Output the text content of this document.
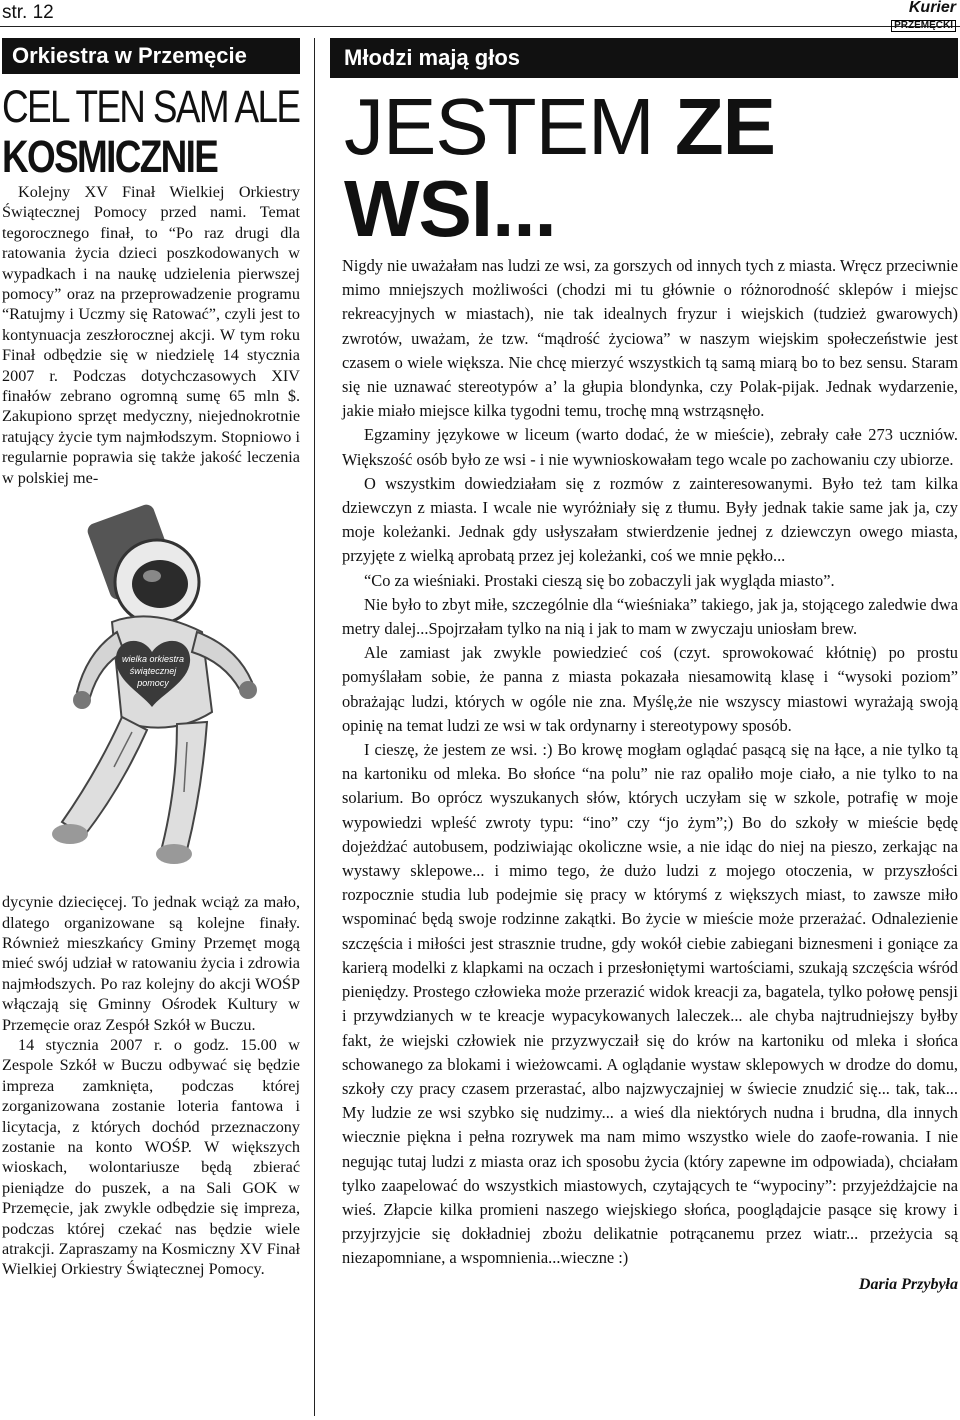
str. 12	Kurier
PRZEMĘCKI
Orkiestra w Przemęcie
CEL TEN SAM ALE
KOSMICZNIE

Kolejny XV Finał Wielkiej Orkiestry Świątecznej Pomocy przed nami. Temat tegorocznego finał, to “Po raz drugi dla ratowania życia dzieci poszkodowanych w wypadkach i na naukę udzielenia pierwszej pomocy” oraz na przeprowadzenie programu “Ratujmy i Uczmy się Ratować”, czyli jest to kontynuacja zeszłorocznej akcji. W tym roku Finał odbędzie się w niedzielę 14 stycznia 2007 r. Podczas dotychczasowych XIV finałów zebrano ogromną sumę 65 mln $. Zakupiono sprzęt medyczny, niejednokrotnie ratujący życie tym najmłodszym. Stopniowo i regularnie poprawia się także jakość leczenia w polskiej me-

wielka orkiestra
świątecznej
pomocy

dycynie dziecięcej. To jednak wciąż za mało, dlatego organizowane są kolejne finały. Również mieszkańcy Gminy Przemęt mogą mieć swój udział w ratowaniu życia i zdrowia najmłodszych. Po raz kolejny do akcji WOŚP włączają się Gminny Ośrodek Kultury w Przemęcie oraz Zespół Szkół w Buczu.

14 stycznia 2007 r. o godz. 15.00 w Zespole Szkół w Buczu odbywać się będzie impreza zamknięta, podczas której zorganizowana zostanie loteria fantowa i licytacja, z których dochód przeznaczony zostanie na konto WOŚP. W większych wioskach, wolontariusze będą zbierać pieniądze do puszek, a na Sali GOK w Przemęcie, jak zwykle odbędzie się impreza, podczas której czekać nas będzie wiele atrakcji. Zapraszamy na Kosmiczny XV Finał Wielkiej Orkiestry Świątecznej Pomocy.

Młodzi mają głos
JESTEM ZE WSI...

Nigdy nie uważałam nas ludzi ze wsi, za gorszych od innych tych z miasta. Wręcz przeciwnie mimo mniejszych możliwości (chodzi mi tu głównie o różnorodność sklepów i miejsc rekreacyjnych w miastach), nie tak idealnych fryzur i wiejskich (tudzież gwarowych) zwrotów, uważam, że tzw. “mądrość życiowa” w naszym wiejskim społeczeństwie jest czasem o wiele większa. Nie chcę mierzyć wszystkich tą samą miarą bo to bez sensu. Staram się nie uznawać stereotypów a’ la głupia blondynka, czy Polak-pijak. Jednak wydarzenie, jakie miało miejsce kilka tygodni temu, trochę mną wstrząsnęło.

Egzaminy językowe w liceum (warto dodać, że w mieście), zebrały całe 273 uczniów. Większość osób było ze wsi - i nie wywnioskowałam tego wcale po zachowaniu czy ubiorze.

O wszystkim dowiedziałam się z rozmów z zainteresowanymi. Było też tam kilka dziewczyn z miasta. I wcale nie wyróżniały się z tłumu. Były jednak takie same jak ja, czy moje koleżanki. Jednak gdy usłyszałam stwierdzenie jednej z dziewczyn owego miasta, przyjęte z wielką aprobatą przez jej koleżanki, coś we mnie pękło...

“Co za wieśniaki. Prostaki cieszą się bo zobaczyli jak wygląda miasto”.

Nie było to zbyt miłe, szczególnie dla “wieśniaka” takiego, jak ja, stojącego zaledwie dwa metry dalej...Spojrzałam tylko na nią i jak to mam w zwyczaju uniosłam brew.

Ale zamiast jak zwykle powiedzieć coś (czyt. sprowokować kłótnię) po prostu pomyślałam sobie, że panna z miasta pokazała niesamowitą klasę i “wysoki poziom” obrażając ludzi, których w ogóle nie zna. Myślę,że nie wszyscy miastowi wyrażają swoją opinię na temat ludzi ze wsi w tak ordynarny i stereotypowy sposób.

I cieszę, że jestem ze wsi. :) Bo krowę mogłam oglądać pasącą się na łące, a nie tylko tą na kartoniku od mleka. Bo słońce “na polu” nie raz opaliło moje ciało, a nie tylko to na solarium. Bo oprócz wyszukanych słów, których uczyłam się w szkole, potrafię w moje wypowiedzi wpleść zwroty typu: “ino” czy “jo żym”;) Bo do szkoły w mieście będę dojeżdżać autobusem, podziwiając okoliczne wsie, a nie idąc do niej na pieszo, zerkając na wystawy sklepowe... i mimo tego, że dużo ludzi z mojego otoczenia, w przyszłości rozpocznie studia lub podejmie się pracy w którymś z większych miast, to zawsze miło wspominać będą swoje rodzinne zakątki. Bo życie w mieście może przerażać. Odnalezienie szczęścia i miłości jest strasznie trudne, gdy wokół ciebie zabiegani biznesmeni i goniące za karierą modelki z klapkami na oczach i przesłoniętymi wartościami, szukają szczęścia wśród pieniędzy. Prostego człowieka może przerazić widok kreacji za, bagatela, tylko połowę pensji i przywdzianych w te kreacje wypacykowanych laleczek... ale chyba najtrudniejszy byłby fakt, że wiejski człowiek nie przyzwyczaił się do krów na kartoniku od mleka i słońca schowanego za blokami i wieżowcami. A oglądanie wystaw sklepowych w drodze do domu, szkoły czy pracy czasem przerastać, albo najzwyczajniej w świecie znudzić się... tak, tak... My ludzie ze wsi szybko się nudzimy... a wieś dla niektórych nudna i brudna, dla innych wiecznie piękna i pełna rozrywek ma nam mimo wszystko wiele do zaofe-rowania. I nie negując tutaj ludzi z miasta oraz ich sposobu życia (który zapewne im odpowiada), chciałam tylko zaapelować do wszystkich miastowych, czytających te “wypociny”: przyjeżdżajcie na wieś. Złapcie kilka promieni naszego wiejskiego słońca, pooglądajcie pasące się krowy i przyjrzyjcie się dokładniej zbożu delikatnie potrącanemu przez wiatr... przeżycia są niezapomniane, a wspomnienia...wieczne :)

Daria Przybyła
